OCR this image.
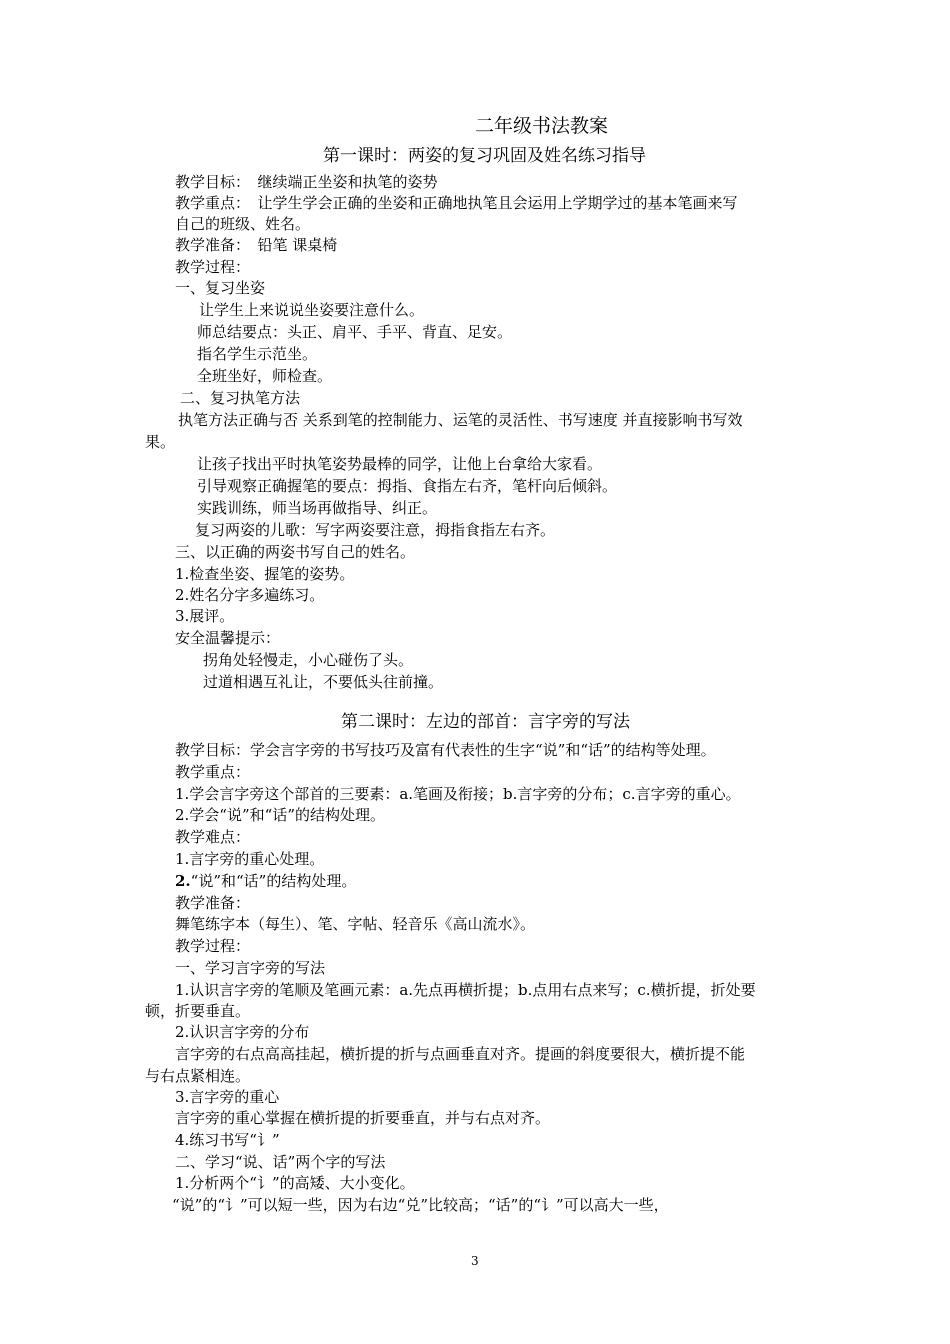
二年级书法教案
第一课时：两姿的复习巩固及姓名练习指导
教学目标：　继续端正坐姿和执笔的姿势
教学重点：　让学生学会正确的坐姿和正确地执笔且会运用上学期学过的基本笔画来写
自己的班级、姓名。
教学准备：　铅笔 课桌椅
教学过程：
一、复习坐姿
让学生上来说说坐姿要注意什么。
师总结要点：头正、肩平、手平、背直、足安。
指名学生示范坐。
全班坐好，师检查。
二、复习执笔方法
执笔方法正确与否 关系到笔的控制能力、运笔的灵活性、书写速度 并直接影响书写效
果。
让孩子找出平时执笔姿势最棒的同学，让他上台拿给大家看。
引导观察正确握笔的要点：拇指、食指左右齐，笔杆向后倾斜。
实践训练，师当场再做指导、纠正。
复习两姿的儿歌：写字两姿要注意，拇指食指左右齐。
三、以正确的两姿书写自己的姓名。
1.检查坐姿、握笔的姿势。
2.姓名分字多遍练习。
3.展评。
安全温馨提示：
拐角处轻慢走，小心碰伤了头。
过道相遇互礼让，不要低头往前撞。
第二课时：左边的部首：言字旁的写法
教学目标：学会言字旁的书写技巧及富有代表性的生字“说”和“话”的结构等处理。
教学重点：
1.学会言字旁这个部首的三要素：a.笔画及衔接；b.言字旁的分布；c.言字旁的重心。
2.学会“说”和“话”的结构处理。
教学难点：
1.言字旁的重心处理。
2.“说”和“话”的结构处理。
教学准备：
舞笔练字本（每生）、笔、字帖、轻音乐《高山流水》。
教学过程：
一、学习言字旁的写法
1.认识言字旁的笔顺及笔画元素：a.先点再横折提；b.点用右点来写；c.横折提，折处要
顿，折要垂直。
2.认识言字旁的分布
言字旁的右点高高挂起，横折提的折与点画垂直对齐。提画的斜度要很大，横折提不能
与右点紧相连。
3.言字旁的重心
言字旁的重心掌握在横折提的折要垂直，并与右点对齐。
4.练习书写“讠”
二、学习“说、话”两个字的写法
1.分析两个“讠”的高矮、大小变化。
“说”的“讠”可以短一些，因为右边“兑”比较高；“话”的“讠”可以高大一些，
3
